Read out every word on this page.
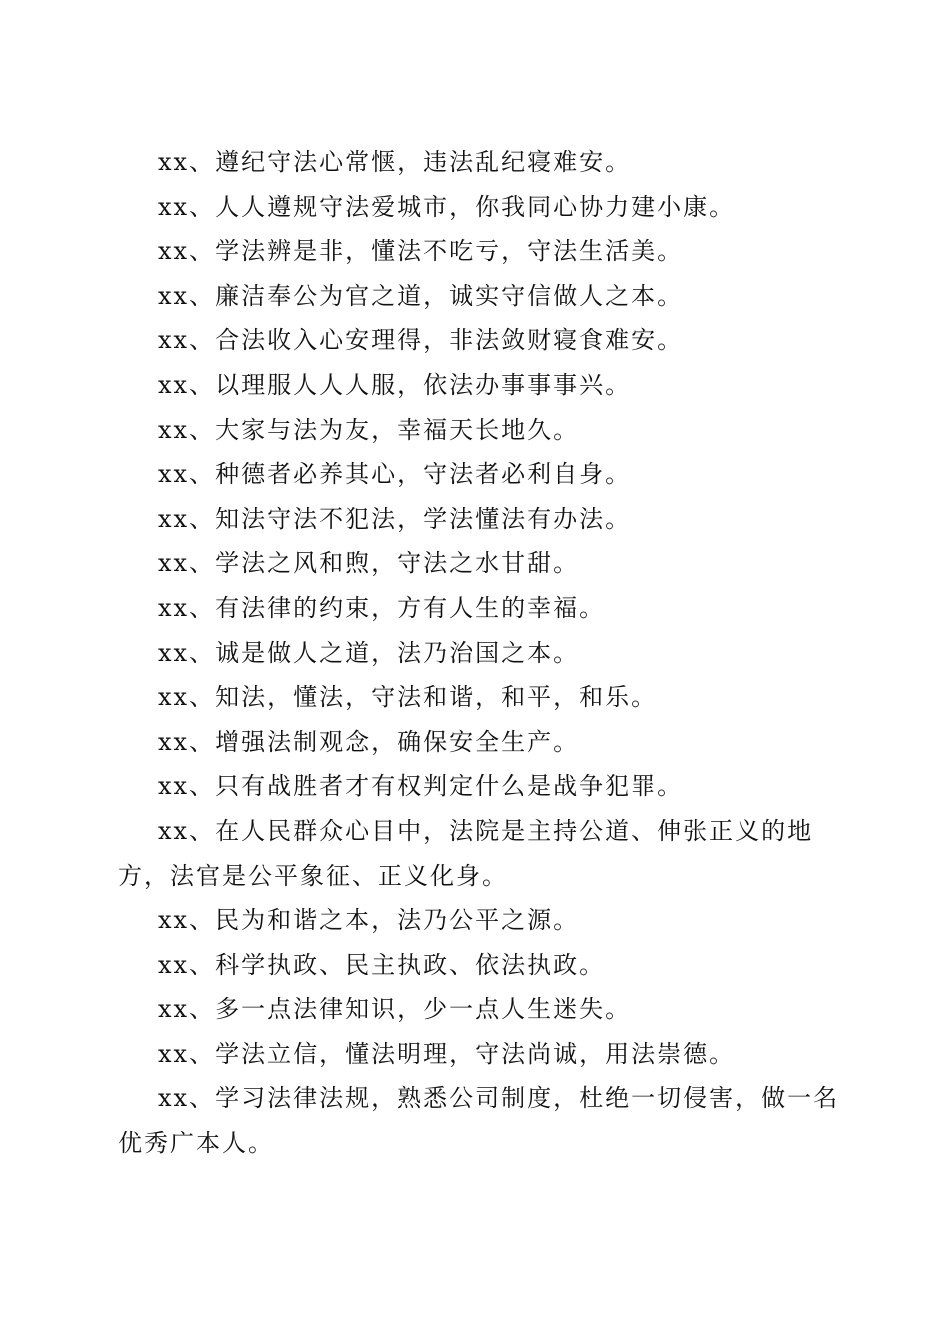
xx、遵纪守法心常惬，违法乱纪寝难安。

xx、人人遵规守法爱城市，你我同心协力建小康。

xx、学法辨是非，懂法不吃亏，守法生活美。

xx、廉洁奉公为官之道，诚实守信做人之本。

xx、合法收入心安理得，非法敛财寝食难安。

xx、以理服人人人服，依法办事事事兴。

xx、大家与法为友，幸福天长地久。

xx、种德者必养其心，守法者必利自身。

xx、知法守法不犯法，学法懂法有办法。

xx、学法之风和煦，守法之水甘甜。

xx、有法律的约束，方有人生的幸福。

xx、诚是做人之道，法乃治国之本。

xx、知法，懂法，守法和谐，和平，和乐。

xx、增强法制观念，确保安全生产。

xx、只有战胜者才有权判定什么是战争犯罪。

xx、在人民群众心目中，法院是主持公道、伸张正义的地方，法官是公平象征、正义化身。

xx、民为和谐之本，法乃公平之源。

xx、科学执政、民主执政、依法执政。

xx、多一点法律知识，少一点人生迷失。

xx、学法立信，懂法明理，守法尚诚，用法崇德。

xx、学习法律法规，熟悉公司制度，杜绝一切侵害，做一名优秀广本人。
